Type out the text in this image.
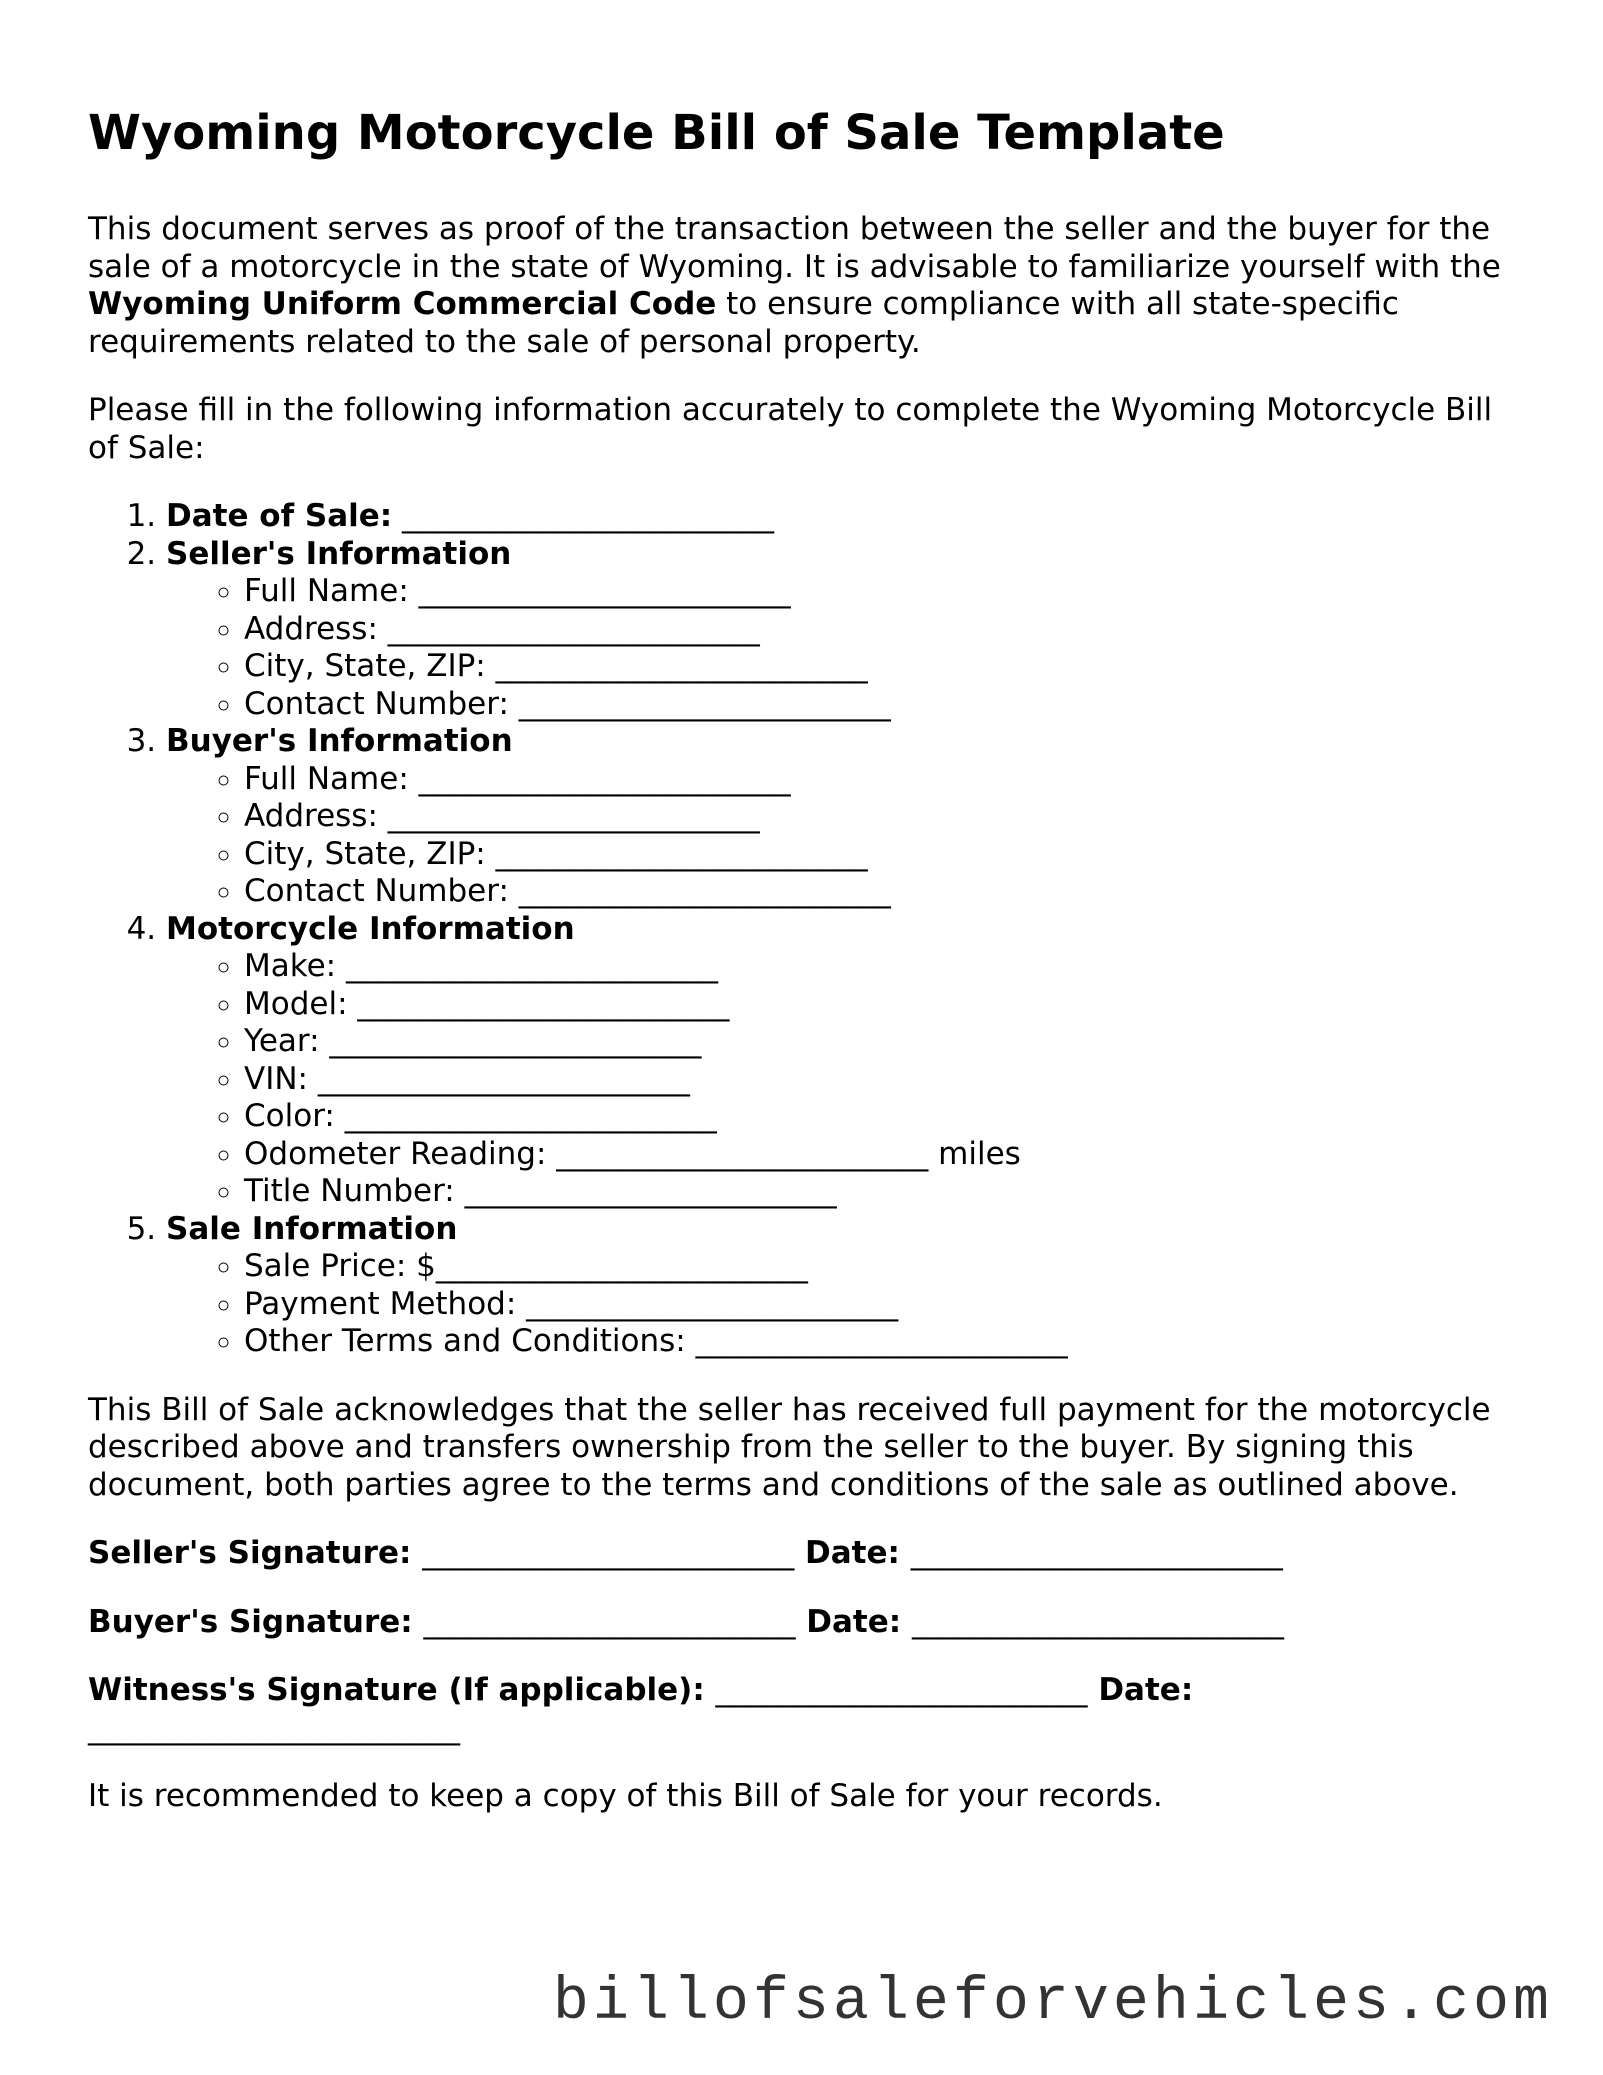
Wyoming Motorcycle Bill of Sale Template

This document serves as proof of the transaction between the seller and the buyer for the sale of a motorcycle in the state of Wyoming. It is advisable to familiarize yourself with the Wyoming Uniform Commercial Code to ensure compliance with all state-specific requirements related to the sale of personal property.

Please fill in the following information accurately to complete the Wyoming Motorcycle Bill of Sale:

1. Date of Sale: ________________________
2. Seller's Information
◦ Full Name: ________________________
◦ Address: ________________________
◦ City, State, ZIP: ________________________
◦ Contact Number: ________________________
3. Buyer's Information
◦ Full Name: ________________________
◦ Address: ________________________
◦ City, State, ZIP: ________________________
◦ Contact Number: ________________________
4. Motorcycle Information
◦ Make: ________________________
◦ Model: ________________________
◦ Year: ________________________
◦ VIN: ________________________
◦ Color: ________________________
◦ Odometer Reading: ________________________ miles
◦ Title Number: ________________________
5. Sale Information
◦ Sale Price: $________________________
◦ Payment Method: ________________________
◦ Other Terms and Conditions: ________________________

This Bill of Sale acknowledges that the seller has received full payment for the motorcycle described above and transfers ownership from the seller to the buyer. By signing this document, both parties agree to the terms and conditions of the sale as outlined above.

Seller's Signature: ________________________ Date: ________________________

Buyer's Signature: ________________________ Date: ________________________

Witness's Signature (If applicable): ________________________ Date: ________________________

It is recommended to keep a copy of this Bill of Sale for your records.

billofsaleforvehicles.com
